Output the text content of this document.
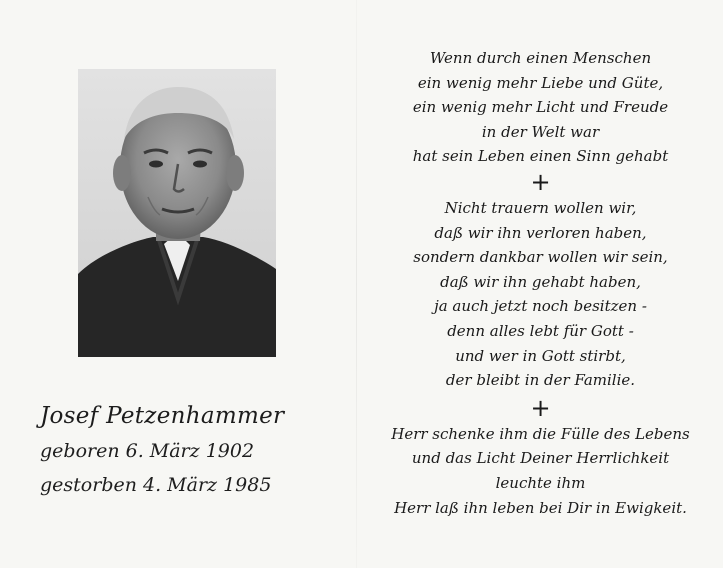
Josef Petzenhammer
geboren 6. März 1902
gestorben 4. März 1985
Wenn durch einen Menschen
ein wenig mehr Liebe und Güte,
ein wenig mehr Licht und Freude
in der Welt war
hat sein Leben einen Sinn gehabt
+
Nicht trauern wollen wir,
daß wir ihn verloren haben,
sondern dankbar wollen wir sein,
daß wir ihn gehabt haben,
ja auch jetzt noch besitzen -
denn alles lebt für Gott -
und wer in Gott stirbt,
der bleibt in der Familie.
+
Herr schenke ihm die Fülle des Lebens
und das Licht Deiner Herrlichkeit
leuchte ihm
Herr laß ihn leben bei Dir in Ewigkeit.
